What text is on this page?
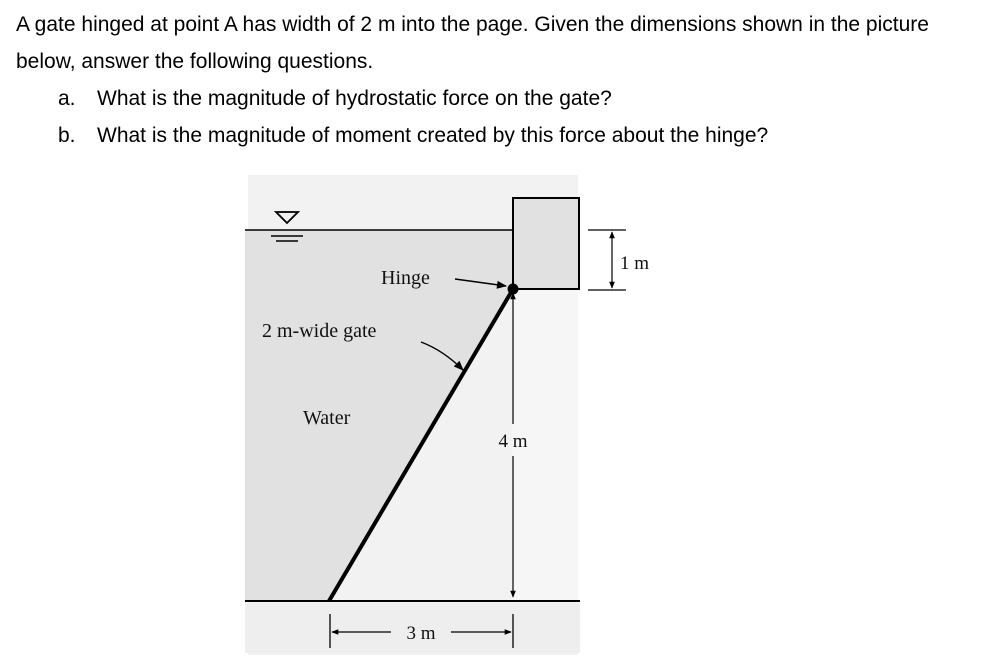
A gate hinged at point A has width of 2 m into the page. Given the dimensions shown in the picture below, answer the following questions.

a. What is the magnitude of hydrostatic force on the gate?
b. What is the magnitude of moment created by this force about the hinge?
1 m
4 m
3 m
Hinge
2 m-wide gate
Water
